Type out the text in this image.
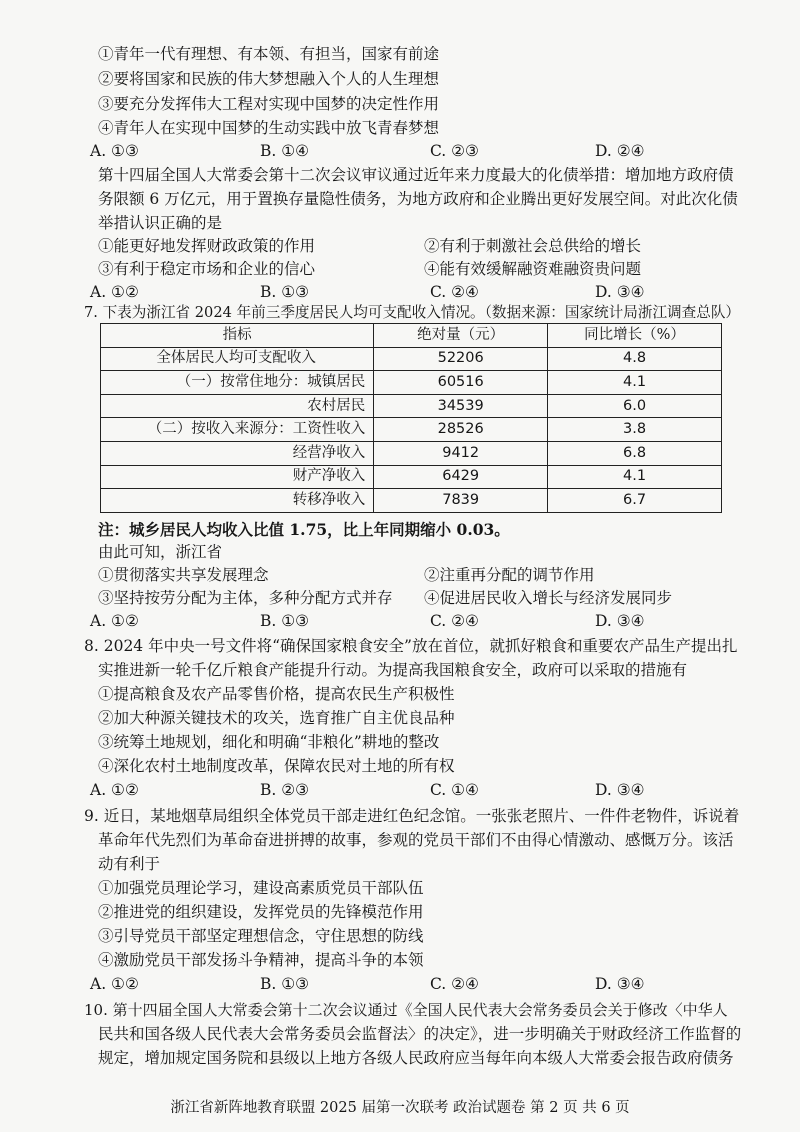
①青年一代有理想、有本领、有担当，国家有前途
②要将国家和民族的伟大梦想融入个人的人生理想
③要充分发挥伟大工程对实现中国梦的决定性作用
④青年人在实现中国梦的生动实践中放飞青春梦想
A. ①③	B. ①④	C. ②③	D. ②④
第十四届全国人大常委会第十二次会议审议通过近年来力度最大的化债举措：增加地方政府债
务限额 6 万亿元，用于置换存量隐性债务，为地方政府和企业腾出更好发展空间。对此次化债
举措认识正确的是
①能更好地发挥财政政策的作用	②有利于刺激社会总供给的增长
③有利于稳定市场和企业的信心	④能有效缓解融资难融资贵问题
A. ①②	B. ①③	C. ②④	D. ③④
7. 下表为浙江省 2024 年前三季度居民人均可支配收入情况。（数据来源：国家统计局浙江调查总队）
指标	绝对量（元）	同比增长（%）
全体居民人均可支配收入	52206	4.8
（一）按常住地分：城镇居民	60516	4.1
农村居民	34539	6.0
（二）按收入来源分：工资性收入	28526	3.8
经营净收入	9412	6.8
财产净收入	6429	4.1
转移净收入	7839	6.7
注：城乡居民人均收入比值 1.75，比上年同期缩小 0.03。
由此可知，浙江省
①贯彻落实共享发展理念	②注重再分配的调节作用
③坚持按劳分配为主体，多种分配方式并存 ④促进居民收入增长与经济发展同步
A. ①②	B. ①③	C. ②④	D. ③④
8. 2024 年中央一号文件将“确保国家粮食安全”放在首位，就抓好粮食和重要农产品生产提出扎
实推进新一轮千亿斤粮食产能提升行动。为提高我国粮食安全，政府可以采取的措施有
①提高粮食及农产品零售价格，提高农民生产积极性
②加大种源关键技术的攻关，选育推广自主优良品种
③统筹土地规划，细化和明确“非粮化”耕地的整改
④深化农村土地制度改革，保障农民对土地的所有权
A. ①②	B. ②③	C. ①④	D. ③④
9. 近日，某地烟草局组织全体党员干部走进红色纪念馆。一张张老照片、一件件老物件，诉说着
革命年代先烈们为革命奋进拼搏的故事，参观的党员干部们不由得心情激动、感慨万分。该活
动有利于
①加强党员理论学习，建设高素质党员干部队伍
②推进党的组织建设，发挥党员的先锋模范作用
③引导党员干部坚定理想信念，守住思想的防线
④激励党员干部发扬斗争精神，提高斗争的本领
A. ①②	B. ①③	C. ②④	D. ③④
10. 第十四届全国人大常委会第十二次会议通过《全国人民代表大会常务委员会关于修改〈中华人
民共和国各级人民代表大会常务委员会监督法〉的决定》，进一步明确关于财政经济工作监督的
规定，增加规定国务院和县级以上地方各级人民政府应当每年向本级人大常委会报告政府债务
浙江省新阵地教育联盟 2025 届第一次联考 政治试题卷 第 2 页 共 6 页
